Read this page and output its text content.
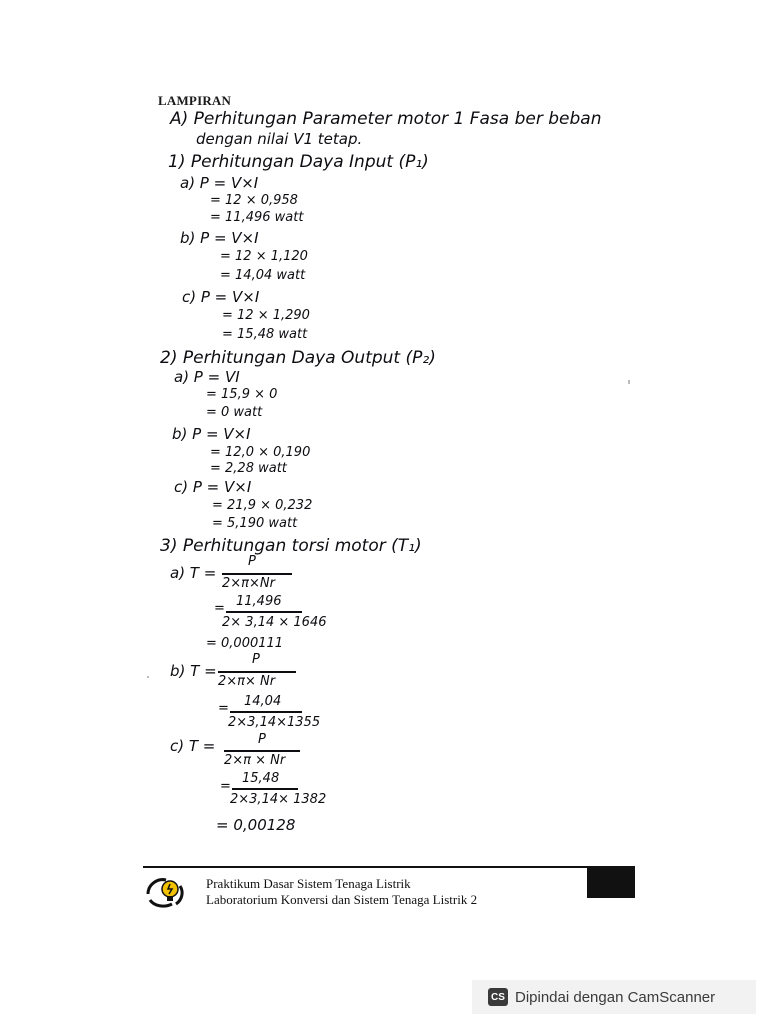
LAMPIRAN
A) Perhitungan Parameter motor 1 Fasa ber beban
dengan nilai V1 tetap.
1) Perhitungan Daya Input (P₁)
a) P = V×I
= 12 × 0,958
= 11,496 watt
b) P = V×I
= 12 × 1,120
= 14,04 watt
c) P = V×I
= 12 × 1,290
= 15,48 watt
2) Perhitungan Daya Output (P₂)
a) P = VI
= 15,9 × 0
= 0 watt
b) P = V×I
= 12,0 × 0,190
= 2,28 watt
c) P = V×I
= 21,9 × 0,232
= 5,190 watt
3) Perhitungan torsi motor (T₁)
a) T =
P
2×π×Nr
11,496
=
2× 3,14 × 1646
= 0,000111
b) T =
P
2×π× Nr
14,04
=
2×3,14×1355
c) T =	P
2×π × Nr
15,48
=
2×3,14× 1382
= 0,00128
Praktikum Dasar Sistem Tenaga Listrik
Laboratorium Konversi dan Sistem Tenaga Listrik 2
CS Dipindai dengan CamScanner
